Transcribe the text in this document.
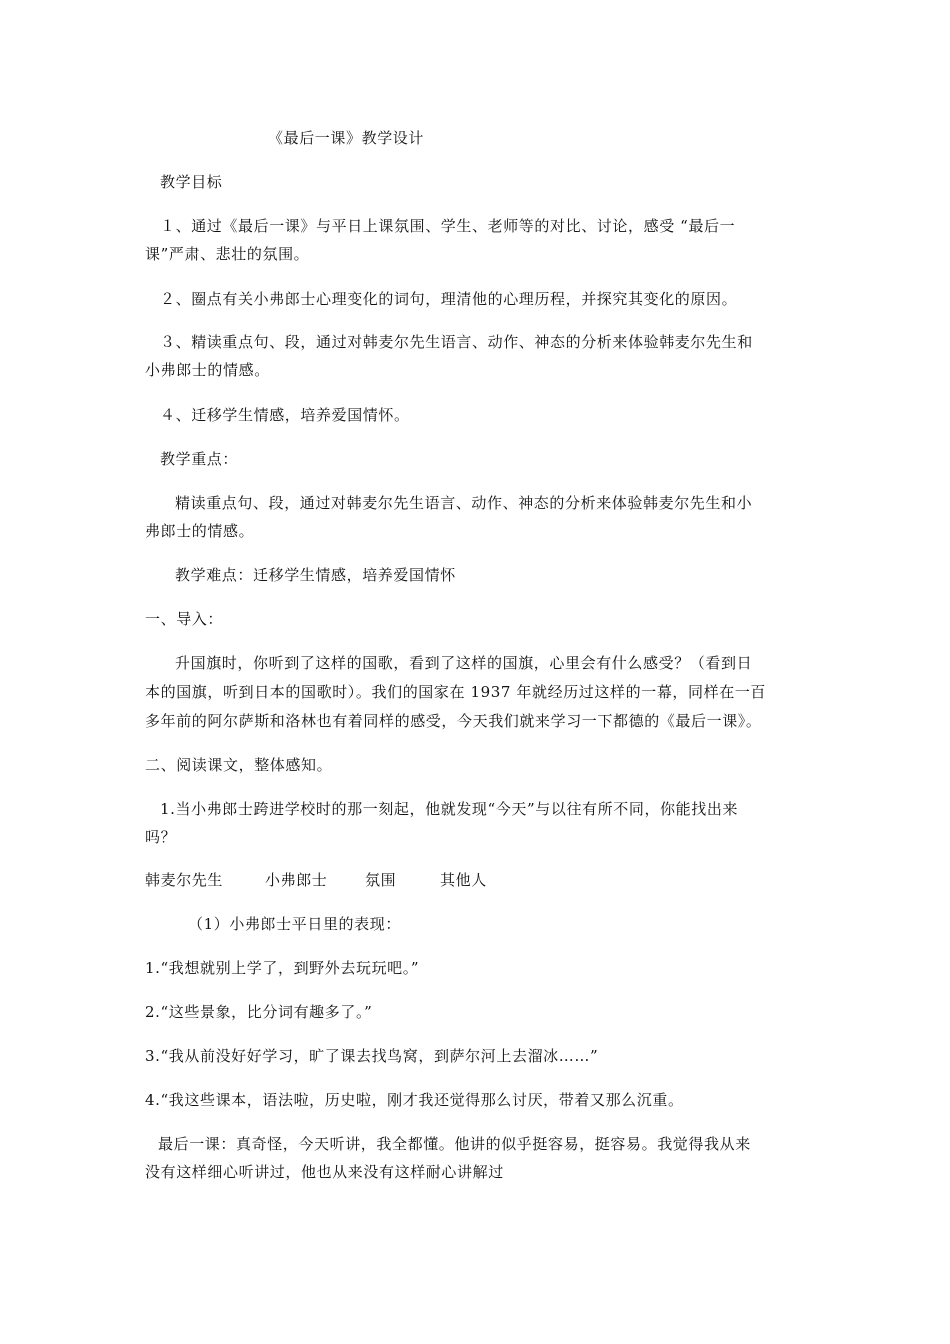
《最后一课》教学设计
教学目标
１、通过《最后一课》与平日上课氛围、学生、老师等的对比、讨论，感受 “最后一
课”严肃、悲壮的氛围。
２、圈点有关小弗郎士心理变化的词句，理清他的心理历程，并探究其变化的原因。
３、精读重点句、段，通过对韩麦尔先生语言、动作、神态的分析来体验韩麦尔先生和
小弗郎士的情感。
４、迁移学生情感，培养爱国情怀。
教学重点：
精读重点句、段，通过对韩麦尔先生语言、动作、神态的分析来体验韩麦尔先生和小
弗郎士的情感。
教学难点：迁移学生情感，培养爱国情怀
一、导入：
升国旗时，你听到了这样的国歌，看到了这样的国旗，心里会有什么感受？（看到日
本的国旗，听到日本的国歌时）。我们的国家在 1937 年就经历过这样的一幕，同样在一百
多年前的阿尔萨斯和洛林也有着同样的感受，今天我们就来学习一下都德的《最后一课》。
二、阅读课文，整体感知。
1.当小弗郎士跨进学校时的那一刻起，他就发现“今天”与以往有所不同，你能找出来
吗？
韩麦尔先生	小弗郎士	氛围	其他人
（1）小弗郎士平日里的表现：
1.“我想就别上学了，到野外去玩玩吧。”
2.“这些景象，比分词有趣多了。”
3.“我从前没好好学习，旷了课去找鸟窝，到萨尔河上去溜冰……”
4.“我这些课本，语法啦，历史啦，刚才我还觉得那么讨厌，带着又那么沉重。
最后一课：真奇怪，今天听讲，我全都懂。他讲的似乎挺容易，挺容易。我觉得我从来
没有这样细心听讲过，他也从来没有这样耐心讲解过
